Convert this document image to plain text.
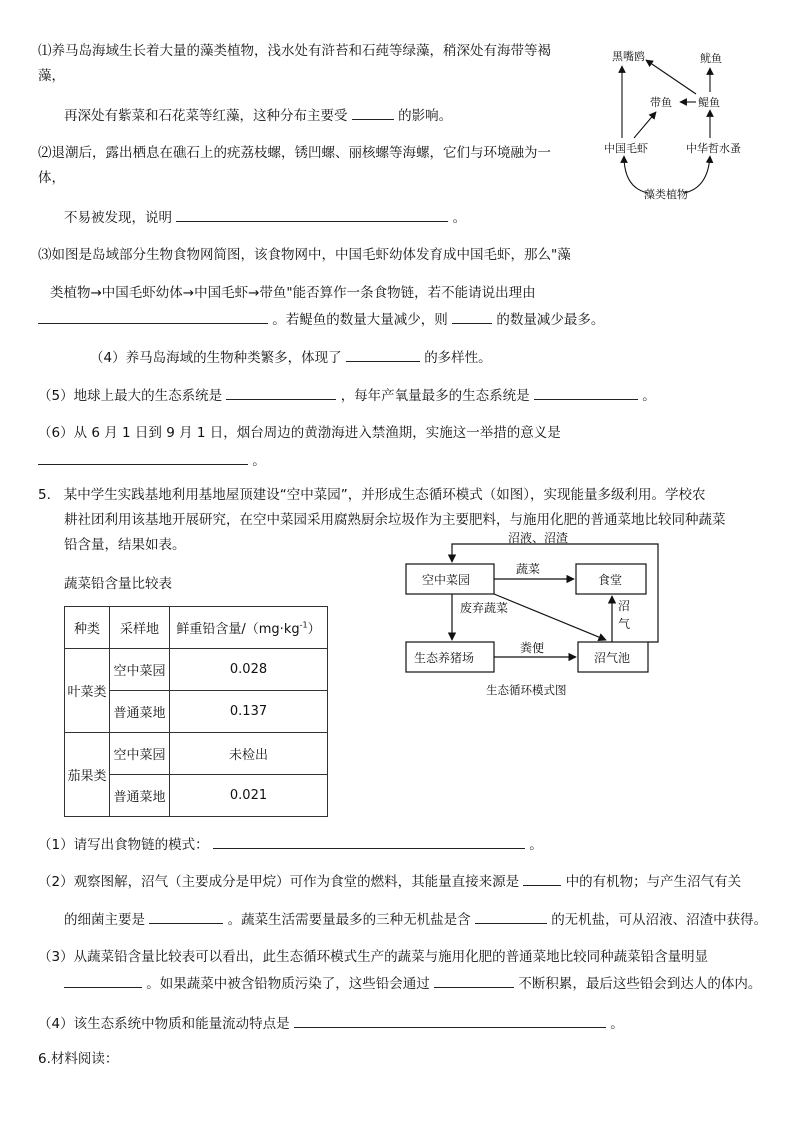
⑴养马岛海域生长着大量的藻类植物，浅水处有浒苔和石莼等绿藻，稍深处有海带等褐
藻，
再深处有紫菜和石花菜等红藻，这种分布主要受	的影响。
⑵退潮后，露出栖息在礁石上的疣荔枝螺，锈凹螺、丽核螺等海螺，它们与环境融为一
体，
不易被发现，说明	。
⑶如图是岛域部分生物食物网简图，该食物网中，中国毛虾幼体发育成中国毛虾，那么"藻
类植物→中国毛虾幼体→中国毛虾→带鱼"能否算作一条食物链，若不能请说出理由
。若鳀鱼的数量大量减少，则	的数量减少最多。
（4）养马岛海域的生物种类繁多，体现了	的多样性。
（5）地球上最大的生态系统是	，每年产氧量最多的生态系统是	。
（6）从 6 月 1 日到 9 月 1 日，烟台周边的黄渤海进入禁渔期，实施这一举措的意义是
。
黑嘴鸥	鱿鱼
带鱼 鳀鱼
中国毛虾	中华哲水蚤
藻类植物
5. 某中学生实践基地利用基地屋顶建设“空中菜园”，并形成生态循环模式（如图），实现能量多级利用。学校农
耕社团利用该基地开展研究，在空中菜园采用腐熟厨余垃圾作为主要肥料，与施用化肥的普通菜地比较同种蔬菜
铅含量，结果如表。
蔬菜铅含量比较表
种类	采样地	鲜重铅含量$/(mg\cdot kg^{-1})$
叶菜类	空中菜园	0.028
	普通菜地	0.137
茄果类	空中菜园	未检出
	普通菜地	0.021
空中菜园	食堂
生态养猪场	沼气池
沼液、沼渣
蔬菜
废弃蔬菜
粪便
沼
气
生态循环模式图
（1）请写出食物链的模式：	。
（2）观察图解，沼气（主要成分是甲烷）可作为食堂的燃料，其能量直接来源是	中的有机物；与产生沼气有关
的细菌主要是	。蔬菜生活需要量最多的三种无机盐是含	的无机盐，可从沼液、沼渣中获得。
（3）从蔬菜铅含量比较表可以看出，此生态循环模式生产的蔬菜与施用化肥的普通菜地比较同种蔬菜铅含量明显
。如果蔬菜中被含铅物质污染了，这些铅会通过	不断积累，最后这些铅会到达人的体内。
（4）该生态系统中物质和能量流动特点是	。
6.材料阅读：
